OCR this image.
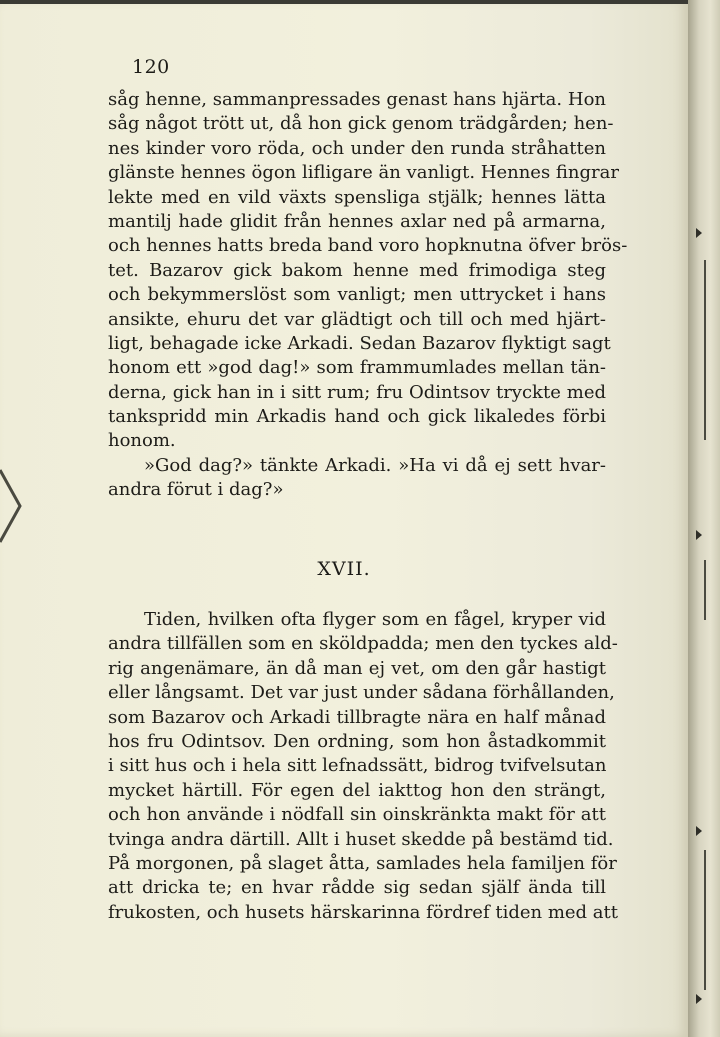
120
såg henne, sammanpressades genast hans hjärta. Hon
såg något trött ut, då hon gick genom trädgården; hen-
nes kinder voro röda, och under den runda stråhatten
glänste hennes ögon lifligare än vanligt. Hennes fingrar
lekte med en vild växts spensliga stjälk; hennes lätta
mantilj hade glidit från hennes axlar ned på armarna,
och hennes hatts breda band voro hopknutna öfver brös-
tet. Bazarov gick bakom henne med frimodiga steg
och bekymmerslöst som vanligt; men uttrycket i hans
ansikte, ehuru det var glädtigt och till och med hjärt-
ligt, behagade icke Arkadi. Sedan Bazarov flyktigt sagt
honom ett »god dag!» som frammumlades mellan tän-
derna, gick han in i sitt rum; fru Odintsov tryckte med
tankspridd min Arkadis hand och gick likaledes förbi
honom.
»God dag?» tänkte Arkadi. »Ha vi då ej sett hvar-
andra förut i dag?»
XVII.
Tiden, hvilken ofta flyger som en fågel, kryper vid
andra tillfällen som en sköldpadda; men den tyckes ald-
rig angenämare, än då man ej vet, om den går hastigt
eller långsamt. Det var just under sådana förhållanden,
som Bazarov och Arkadi tillbragte nära en half månad
hos fru Odintsov. Den ordning, som hon åstadkommit
i sitt hus och i hela sitt lefnadssätt, bidrog tvifvelsutan
mycket härtill. För egen del iakttog hon den strängt,
och hon använde i nödfall sin oinskränkta makt för att
tvinga andra därtill. Allt i huset skedde på bestämd tid.
På morgonen, på slaget åtta, samlades hela familjen för
att dricka te; en hvar rådde sig sedan själf ända till
frukosten, och husets härskarinna fördref tiden med att
